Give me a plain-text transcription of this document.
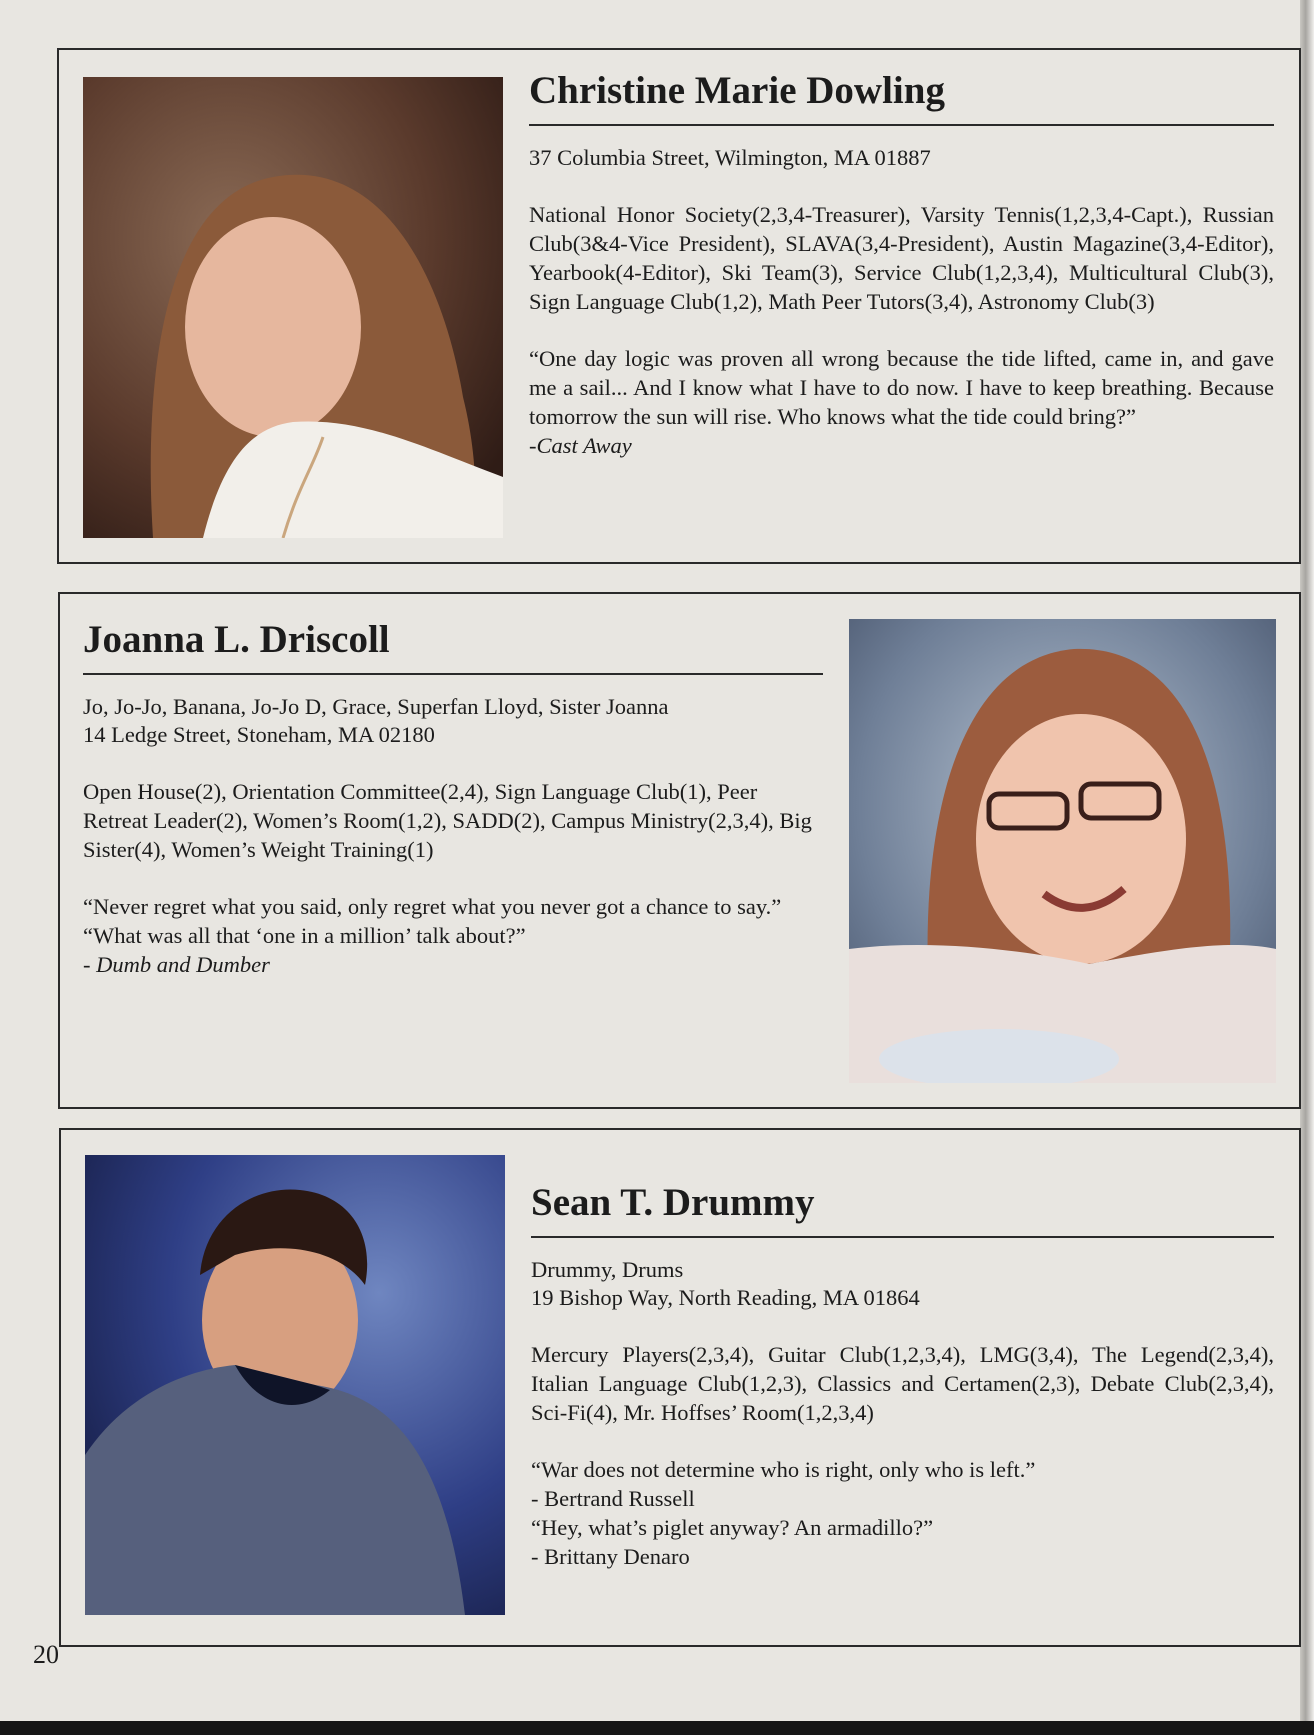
Christine Marie Dowling
37 Columbia Street, Wilmington, MA 01887
National Honor Society(2,3,4-Treasurer), Varsity Tennis(1,2,3,4-Capt.), Russian Club(3&4-Vice President), SLAVA(3,4-President), Austin Magazine(3,4-Editor), Yearbook(4-Editor), Ski Team(3), Service Club(1,2,3,4), Multicultural Club(3), Sign Language Club(1,2), Math Peer Tutors(3,4), Astronomy Club(3)
“One day logic was proven all wrong because the tide lifted, came in, and gave me a sail... And I know what I have to do now. I have to keep breathing. Because tomorrow the sun will rise. Who knows what the tide could bring?”
-Cast Away
Joanna L. Driscoll
Jo, Jo-Jo, Banana, Jo-Jo D, Grace, Superfan Lloyd, Sister Joanna
14 Ledge Street, Stoneham, MA 02180
Open House(2), Orientation Committee(2,4), Sign Language Club(1), Peer Retreat Leader(2), Women’s Room(1,2), SADD(2), Campus Ministry(2,3,4), Big Sister(4), Women’s Weight Training(1)
“Never regret what you said, only regret what you never got a chance to say.”
“What was all that ‘one in a million’ talk about?”
- Dumb and Dumber
Sean T. Drummy
Drummy, Drums
19 Bishop Way, North Reading, MA 01864
Mercury Players(2,3,4), Guitar Club(1,2,3,4), LMG(3,4), The Legend(2,3,4), Italian Language Club(1,2,3), Classics and Certamen(2,3), Debate Club(2,3,4), Sci-Fi(4), Mr. Hoffses’ Room(1,2,3,4)
“War does not determine who is right, only who is left.”
- Bertrand Russell
“Hey, what’s piglet anyway? An armadillo?”
- Brittany Denaro
20
